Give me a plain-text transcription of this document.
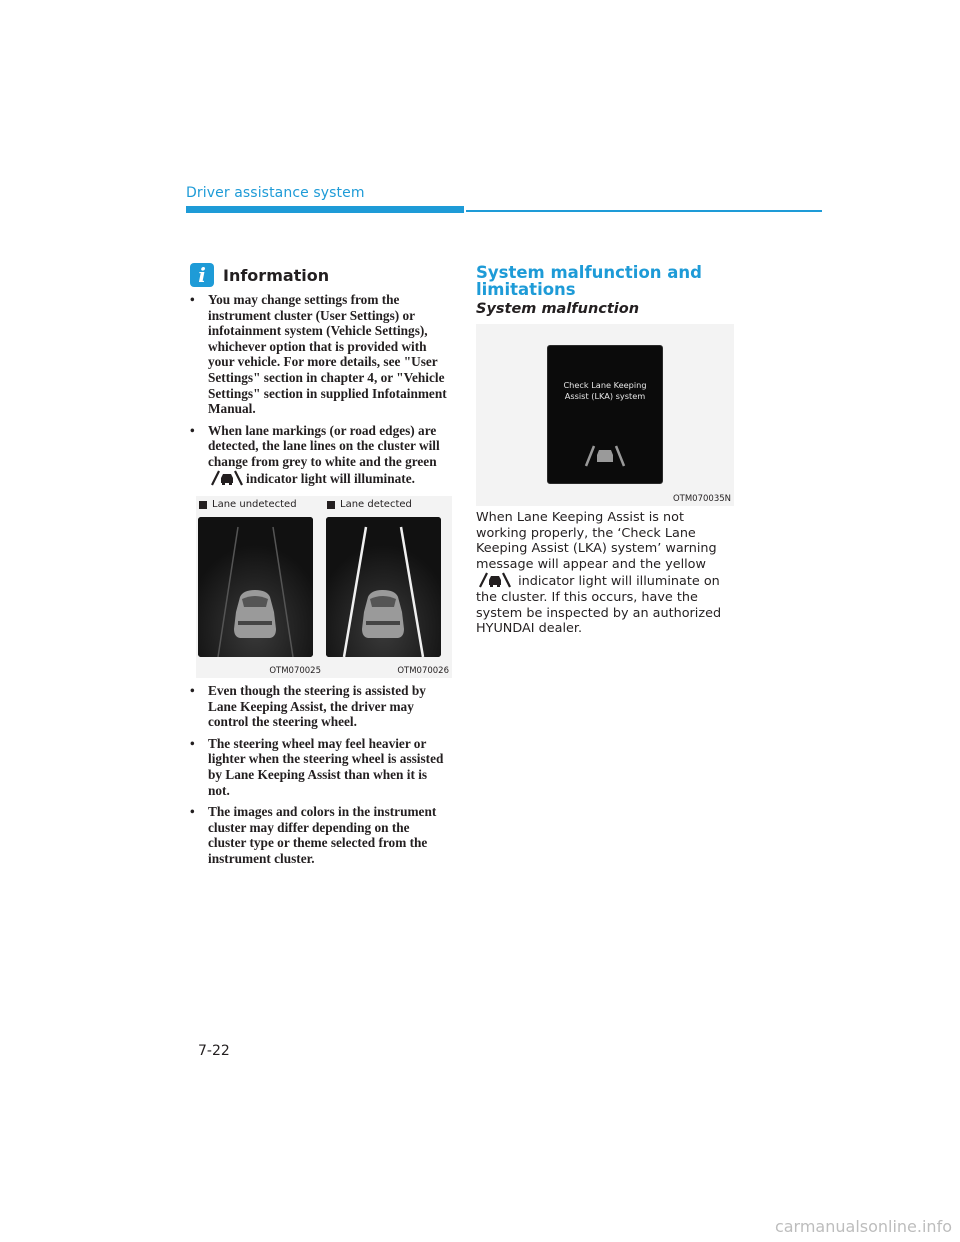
Driver assistance system
i	Information
• You may change settings from the instrument cluster (User Settings) or infotainment system (Vehicle Settings), whichever option that is provided with your vehicle. For more details, see "User Settings" section in chapter 4, or "Vehicle Settings" section in supplied Infotainment Manual.
• When lane markings (or road edges) are detected, the lane lines on the cluster will change from grey to white and the greenindicator light will illuminate.
Lane undetected
OTM070025
Lane detected
OTM070026
• Even though the steering is assisted by Lane Keeping Assist, the driver may control the steering wheel.
• The steering wheel may feel heavier or lighter when the steering wheel is assisted by Lane Keeping Assist than when it is not.
• The images and colors in the instrument cluster may differ depending on the cluster type or theme selected from the instrument cluster.
System malfunction and limitations
System malfunction
Check Lane Keeping Assist (LKA) system
OTM070035N
When Lane Keeping Assist is not working properly, the ‘Check Lane Keeping Assist (LKA) system’ warning message will appear and the yellow  indicator light will illuminate on the cluster. If this occurs, have the system be inspected by an authorized HYUNDAI dealer.
7-22
carmanualsonline.info
